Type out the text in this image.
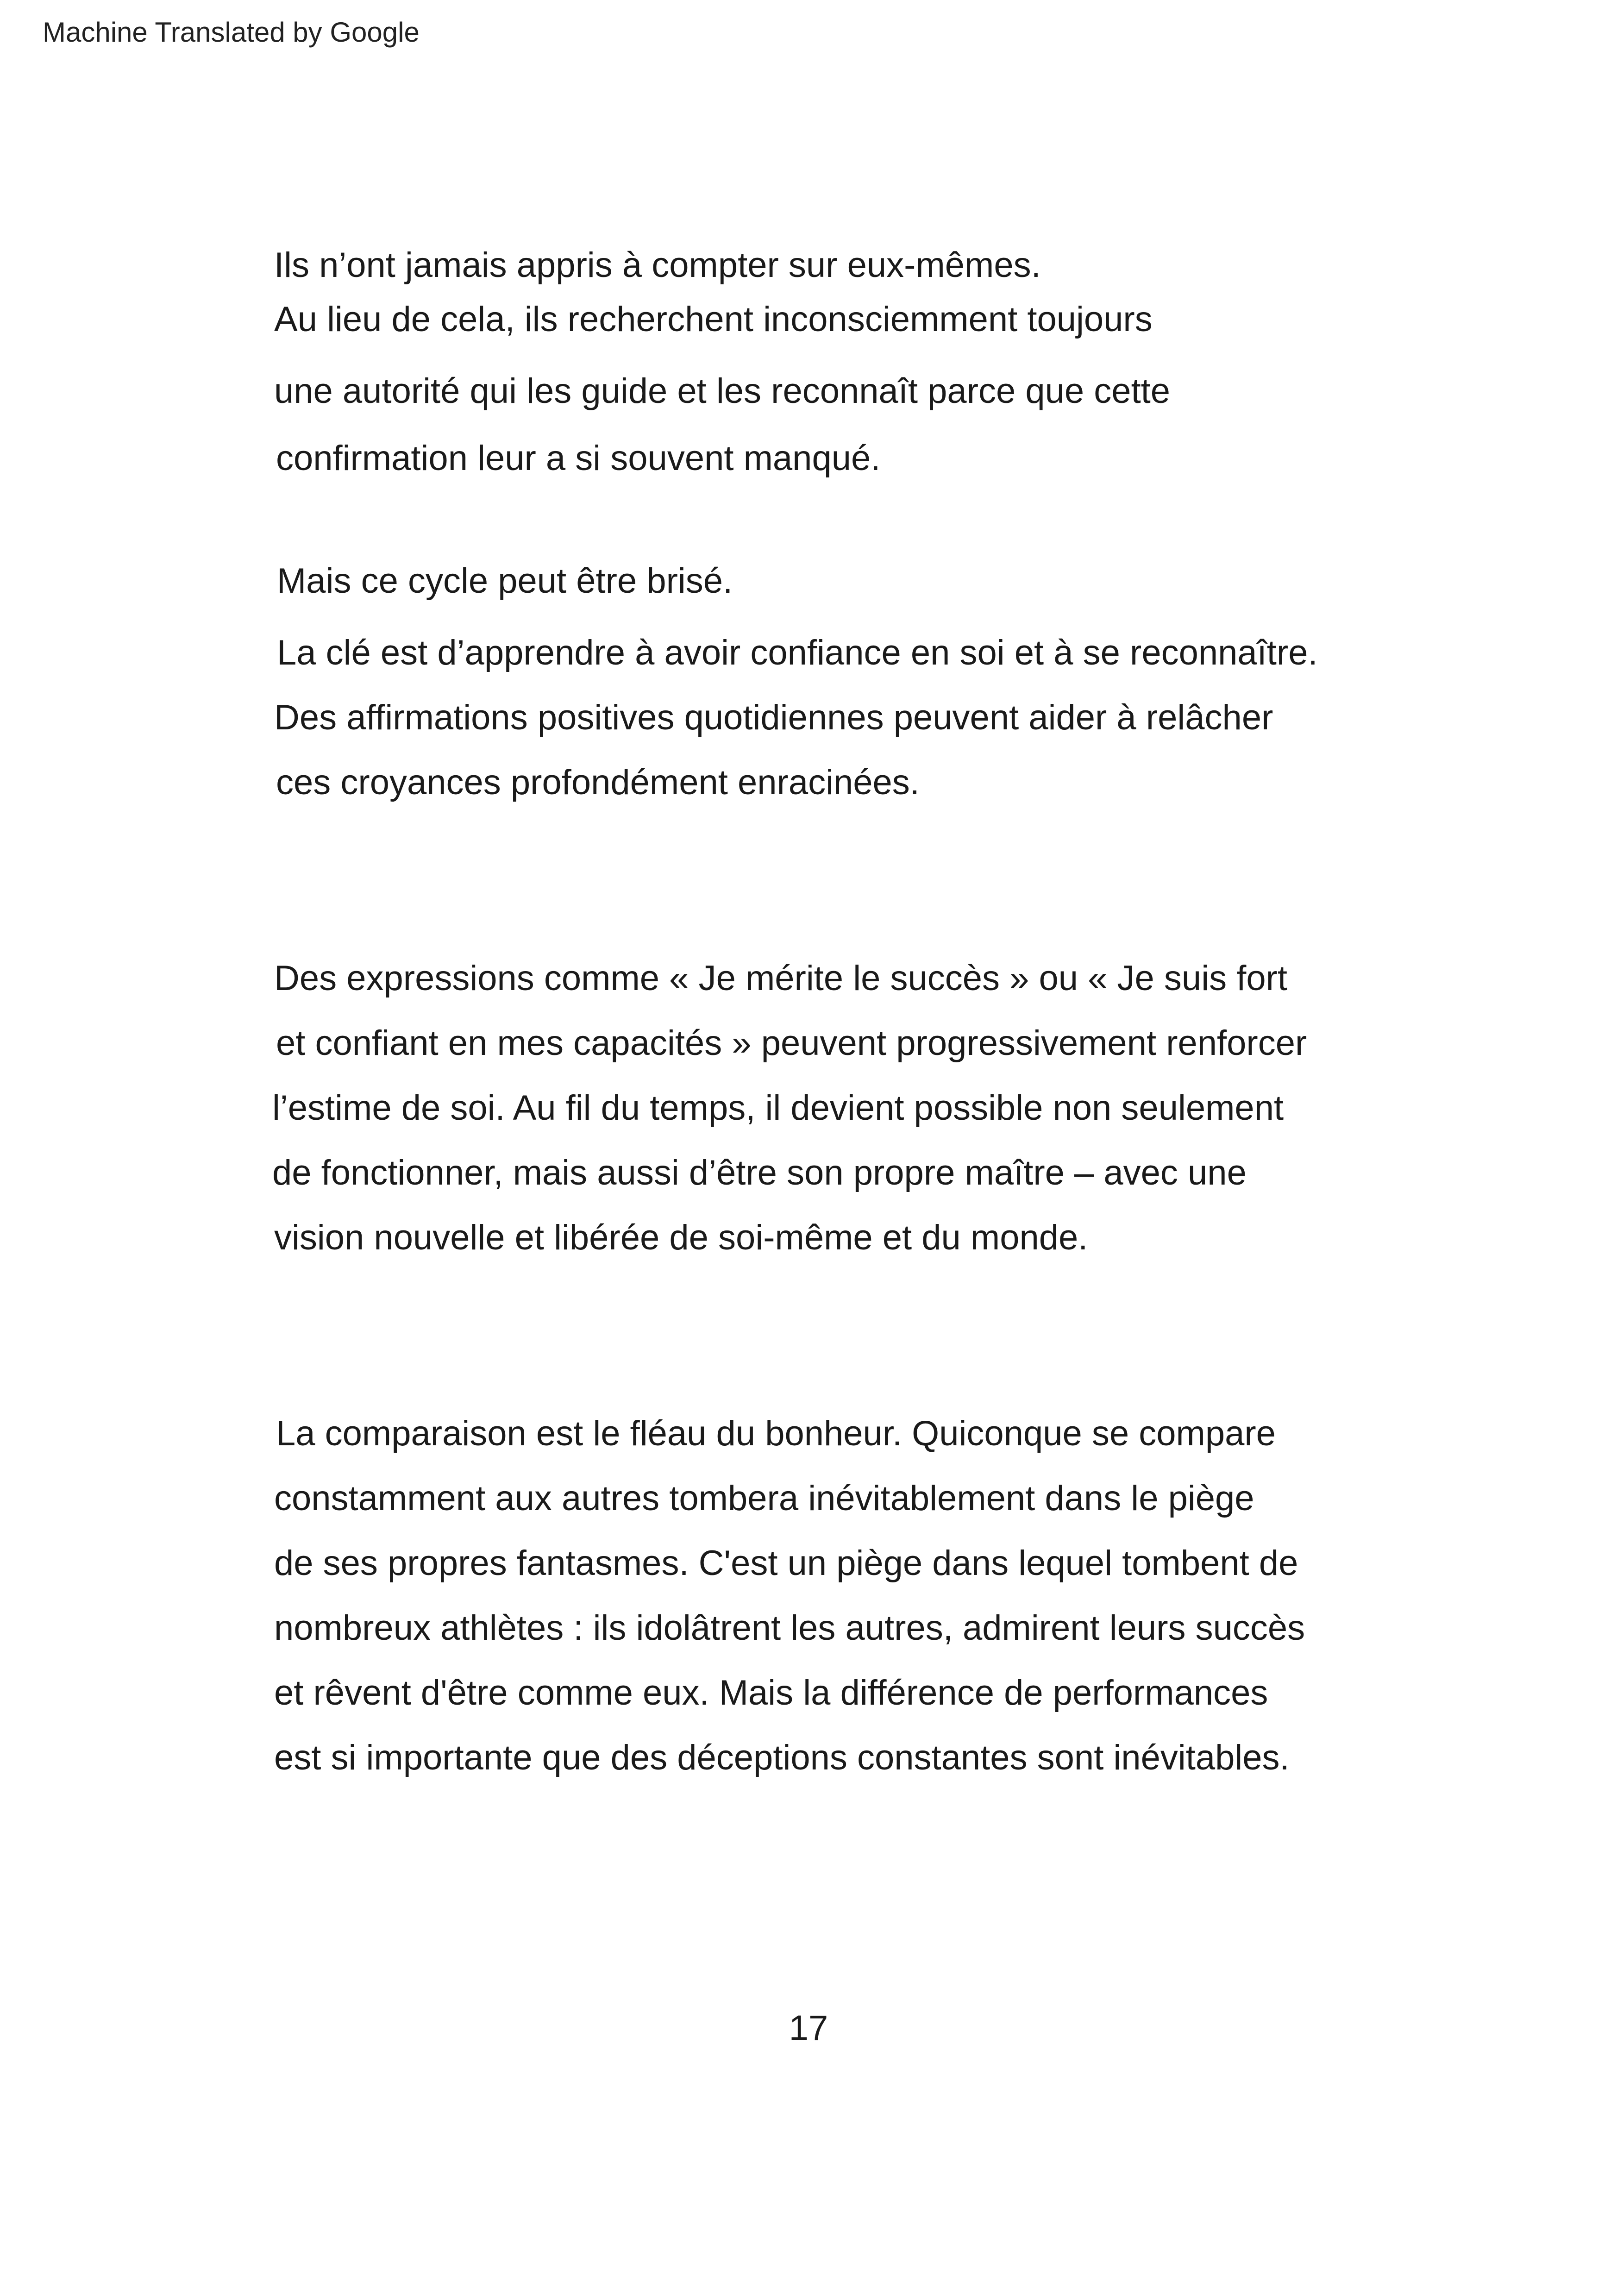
Machine Translated by Google
Ils n’ont jamais appris à compter sur eux-mêmes.
Au lieu de cela, ils recherchent inconsciemment toujours
une autorité qui les guide et les reconnaît parce que cette
confirmation leur a si souvent manqué.
Mais ce cycle peut être brisé.
La clé est d’apprendre à avoir confiance en soi et à se reconnaître.
Des affirmations positives quotidiennes peuvent aider à relâcher
ces croyances profondément enracinées.
Des expressions comme « Je mérite le succès » ou « Je suis fort
et confiant en mes capacités » peuvent progressivement renforcer
l’estime de soi. Au fil du temps, il devient possible non seulement
de fonctionner, mais aussi d’être son propre maître – avec une
vision nouvelle et libérée de soi-même et du monde.
La comparaison est le fléau du bonheur. Quiconque se compare
constamment aux autres tombera inévitablement dans le piège
de ses propres fantasmes. C'est un piège dans lequel tombent de
nombreux athlètes : ils idolâtrent les autres, admirent leurs succès
et rêvent d'être comme eux. Mais la différence de performances
est si importante que des déceptions constantes sont inévitables.
17
